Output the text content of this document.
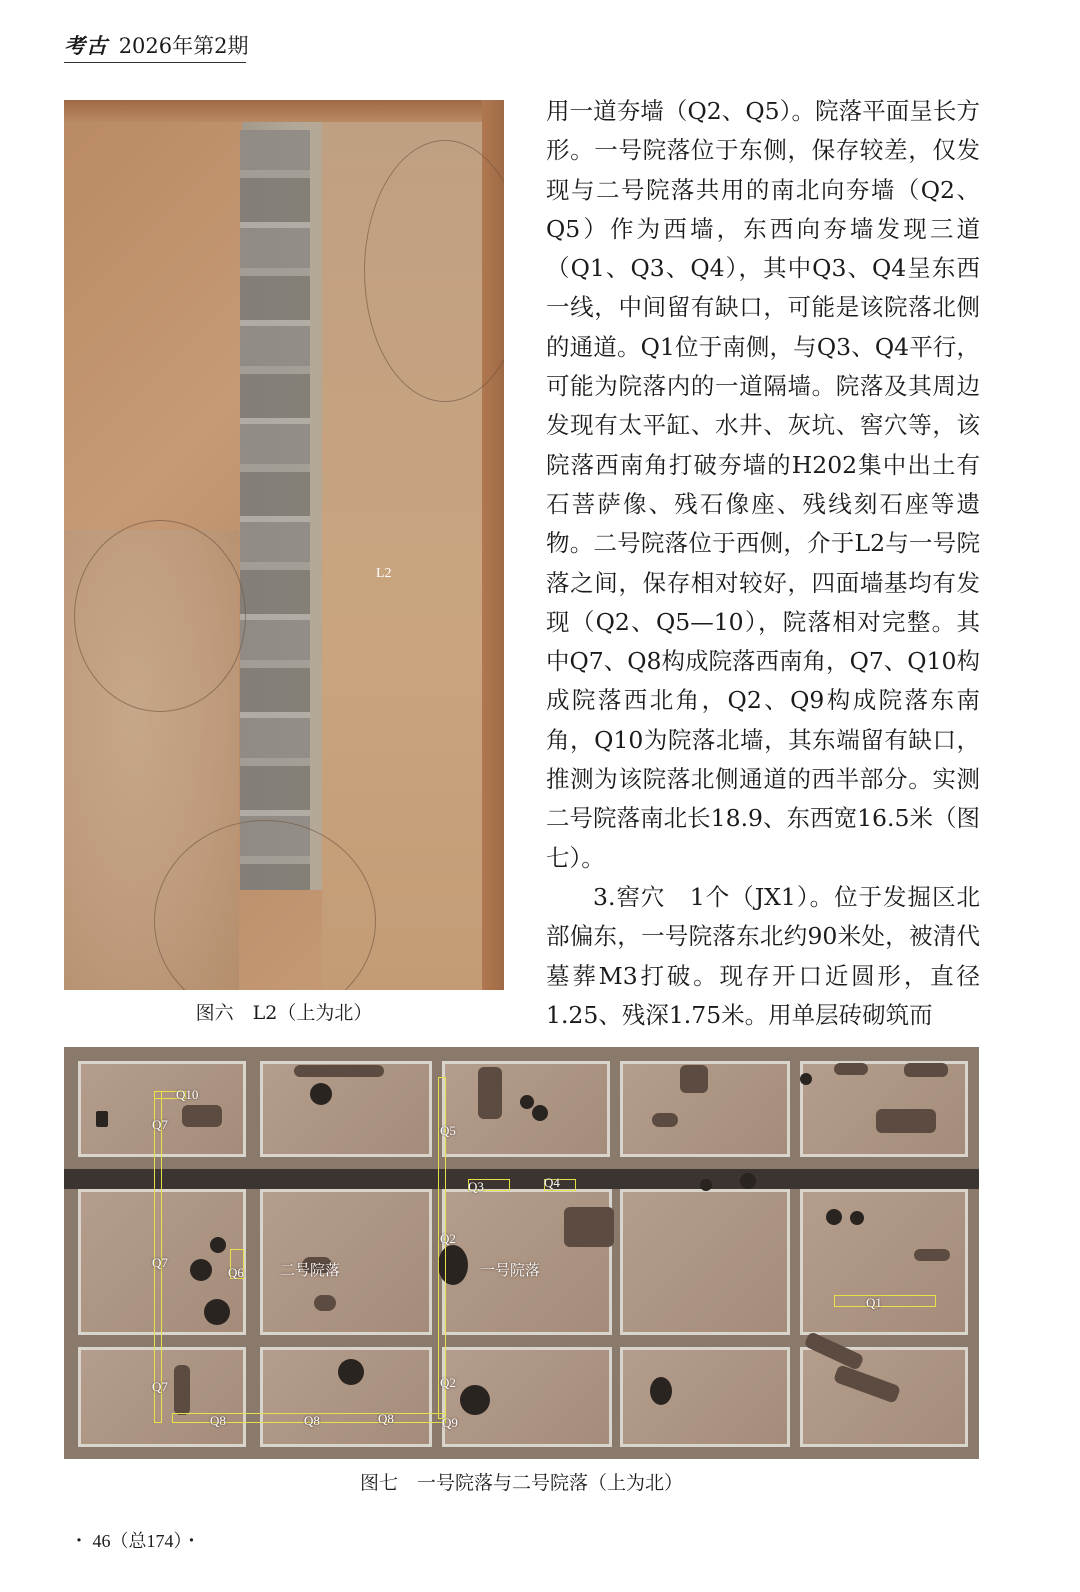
考古 2026年第2期
L2
图六　L2（上为北）

用一道夯墙（Q2、Q5）。院落平面呈长方形。一号院落位于东侧，保存较差，仅发现与二号院落共用的南北向夯墙（Q2、Q5）作为西墙，东西向夯墙发现三道（Q1、Q3、Q4），其中Q3、Q4呈东西一线，中间留有缺口，可能是该院落北侧的通道。Q1位于南侧，与Q3、Q4平行，可能为院落内的一道隔墙。院落及其周边发现有太平缸、水井、灰坑、窖穴等，该院落西南角打破夯墙的H202集中出土有石菩萨像、残石像座、残线刻石座等遗物。二号院落位于西侧，介于L2与一号院落之间，保存相对较好，四面墙基均有发现（Q2、Q5—10），院落相对完整。其中Q7、Q8构成院落西南角，Q7、Q10构成院落西北角，Q2、Q9构成院落东南角，Q10为院落北墙，其东端留有缺口，推测为该院落北侧通道的西半部分。实测二号院落南北长18.9、东西宽16.5米（图七）。

3.窖穴　1个（JX1）。位于发掘区北部偏东，一号院落东北约90米处，被清代墓葬M3打破。现存开口近圆形，直径1.25、残深1.75米。用单层砖砌筑而

Q10
Q7	Q5
Q3	Q4
Q2
Q7
Q6 二号院落	一号院落
Q1
Q7	Q2
Q8	Q8	Q8	Q9
图七　一号院落与二号院落（上为北）
・ 46（总174）・
